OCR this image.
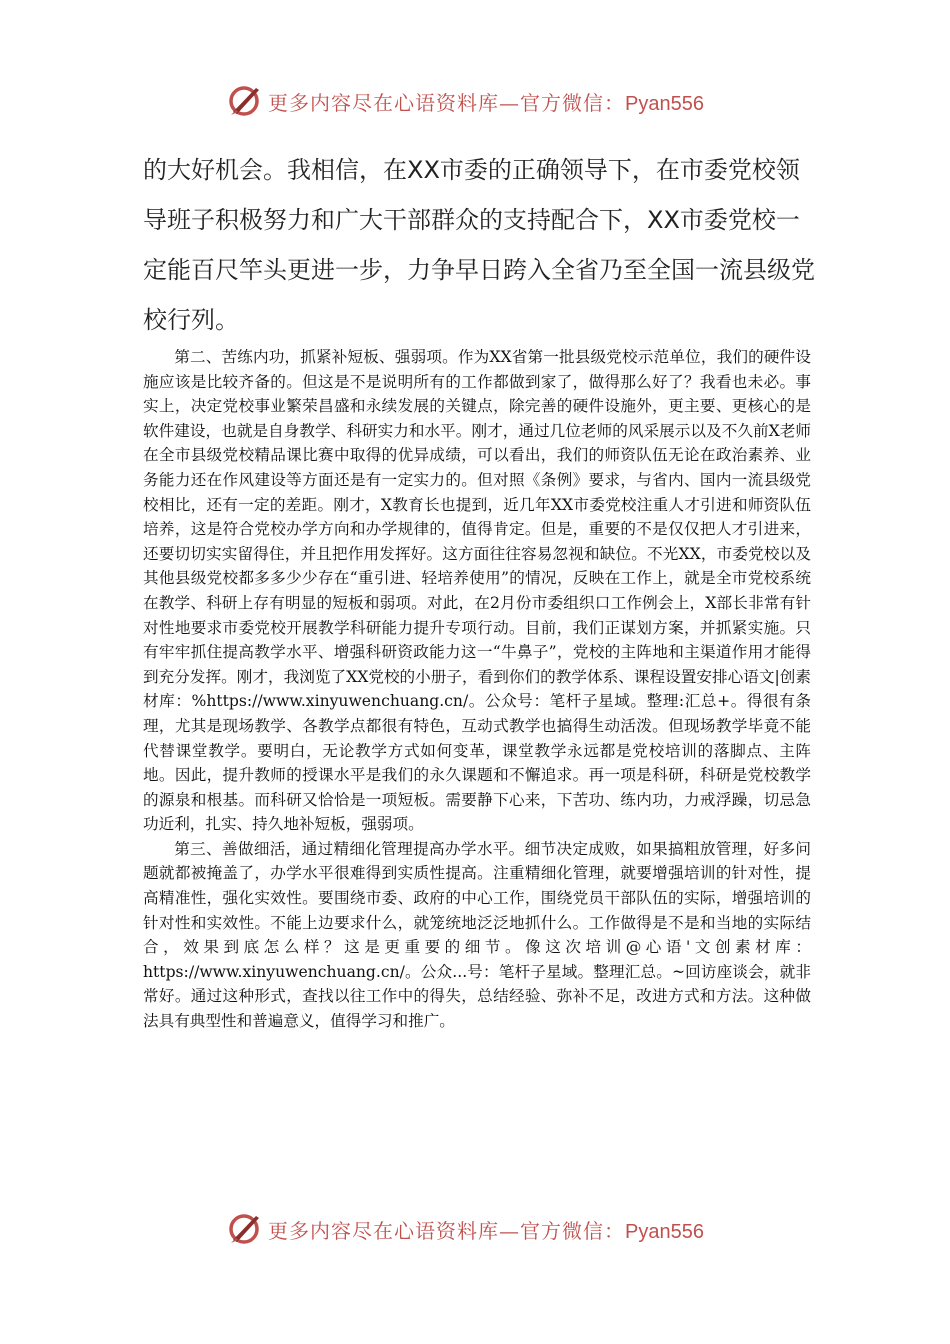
更多内容尽在心语资料库—官方微信：Pyan556

的大好机会。我相信，在XX市委的正确领导下，在市委党校领导班子积极努力和广大干部群众的支持配合下，XX市委党校一定能百尺竿头更进一步，力争早日跨入全省乃至全国一流县级党校行列。

第二、苦练内功，抓紧补短板、强弱项。作为XX省第一批县级党校示范单位，我们的硬件设施应该是比较齐备的。但这是不是说明所有的工作都做到家了，做得那么好了？我看也未必。事实上，决定党校事业繁荣昌盛和永续发展的关键点，除完善的硬件设施外，更主要、更核心的是软件建设，也就是自身教学、科研实力和水平。刚才，通过几位老师的风采展示以及不久前X老师在全市县级党校精品课比赛中取得的优异成绩，可以看出，我们的师资队伍无论在政治素养、业务能力还在作风建设等方面还是有一定实力的。但对照《条例》要求，与省内、国内一流县级党校相比，还有一定的差距。刚才，X教育长也提到，近几年XX市委党校注重人才引进和师资队伍培养，这是符合党校办学方向和办学规律的，值得肯定。但是，重要的不是仅仅把人才引进来，还要切切实实留得住，并且把作用发挥好。这方面往往容易忽视和缺位。不光XX，市委党校以及其他县级党校都多多少少存在“重引进、轻培养使用”的情况，反映在工作上，就是全市党校系统在教学、科研上存有明显的短板和弱项。对此，在2月份市委组织口工作例会上，X部长非常有针对性地要求市委党校开展教学科研能力提升专项行动。目前，我们正谋划方案，并抓紧实施。只有牢牢抓住提高教学水平、增强科研资政能力这一“牛鼻子”，党校的主阵地和主渠道作用才能得到充分发挥。刚才，我浏览了XX党校的小册子，看到你们的教学体系、课程设置安排心语文|创素材库：%https://www.xinyuwenchuang.cn/。公众号：笔杆子星域。整理:汇总+。得很有条理，尤其是现场教学、各教学点都很有特色，互动式教学也搞得生动活泼。但现场教学毕竟不能代替课堂教学。要明白，无论教学方式如何变革，课堂教学永远都是党校培训的落脚点、主阵地。因此，提升教师的授课水平是我们的永久课题和不懈追求。再一项是科研，科研是党校教学的源泉和根基。而科研又恰恰是一项短板。需要静下心来，下苦功、练内功，力戒浮躁，切忌急功近利，扎实、持久地补短板，强弱项。

第三、善做细活，通过精细化管理提高办学水平。细节决定成败，如果搞粗放管理，好多问题就都被掩盖了，办学水平很难得到实质性提高。注重精细化管理，就要增强培训的针对性，提高精准性，强化实效性。要围绕市委、政府的中心工作，围绕党员干部队伍的实际，增强培训的针对性和实效性。不能上边要求什么，就笼统地泛泛地抓什么。工作做得是不是和当地的实际结合，效果到底怎么样？这是更重要的细节。像这次培训@心语'文创素材库：https://www.xinyuwenchuang.cn/。公众...号：笔杆子星域。整理汇总。~回访座谈会，就非常好。通过这种形式，查找以往工作中的得失，总结经验、弥补不足，改进方式和方法。这种做法具有典型性和普遍意义，值得学习和推广。

更多内容尽在心语资料库—官方微信：Pyan556
